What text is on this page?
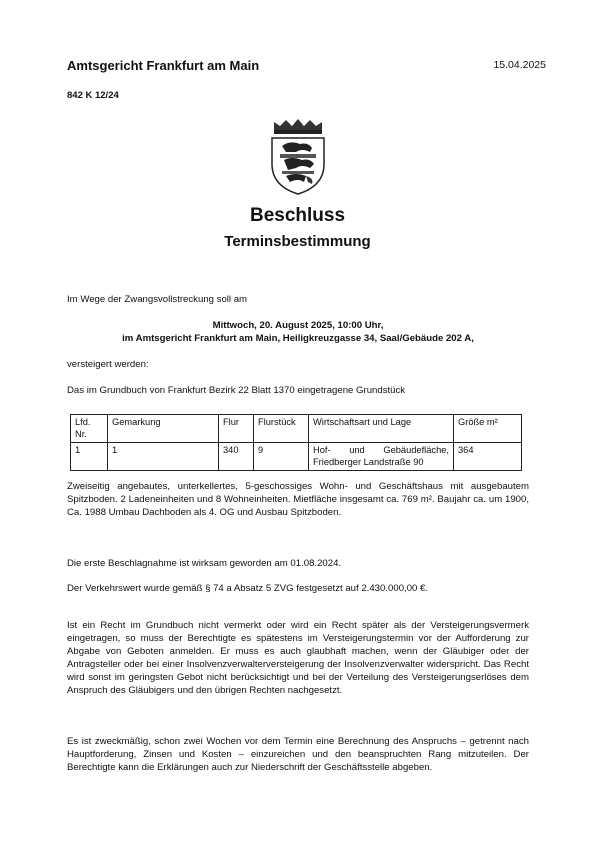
Amtsgericht Frankfurt am Main	15.04.2025
842 K 12/24
Beschluss
Terminsbestimmung
Im Wege der Zwangsvollstreckung soll am
Mittwoch, 20. August 2025, 10:00 Uhr,
im Amtsgericht Frankfurt am Main, Heiligkreuzgasse 34, Saal/Gebäude 202 A,
versteigert werden:
Das im Grundbuch von Frankfurt Bezirk 22 Blatt 1370 eingetragene Grundstück
Lfd. Nr.	Gemarkung	Flur	Flurstück	Wirtschaftsart und Lage	Größe m²
1	1	340	9	Hof- und Gebäudefläche, Friedberger Landstraße 90	364
Zweiseitig angebautes, unterkellertes, 5-geschossiges Wohn- und Geschäftshaus mit ausgebautem Spitzboden. 2 Ladeneinheiten und 8 Wohneinheiten. Mietfläche insgesamt ca. 769 m². Baujahr ca. um 1900, Ca. 1988 Umbau Dachboden als 4. OG und Ausbau Spitzboden.
Die erste Beschlagnahme ist wirksam geworden am 01.08.2024.
Der Verkehrswert wurde gemäß § 74 a Absatz 5 ZVG festgesetzt auf 2.430.000,00 €.
Ist ein Recht im Grundbuch nicht vermerkt oder wird ein Recht später als der Versteigerungsvermerk eingetragen, so muss der Berechtigte es spätestens im Versteigerungstermin vor der Aufforderung zur Abgabe von Geboten anmelden. Er muss es auch glaubhaft machen, wenn der Gläubiger oder der Antragsteller oder bei einer Insolvenzverwalterversteigerung der Insolvenzverwalter widerspricht. Das Recht wird sonst im geringsten Gebot nicht berücksichtigt und bei der Verteilung des Versteigerungserlöses dem Anspruch des Gläubigers und den übrigen Rechten nachgesetzt.
Es ist zweckmäßig, schon zwei Wochen vor dem Termin eine Berechnung des Anspruchs – getrennt nach Hauptforderung, Zinsen und Kosten – einzureichen und den beanspruchten Rang mitzuteilen. Der Berechtigte kann die Erklärungen auch zur Niederschrift der Geschäftsstelle abgeben.
